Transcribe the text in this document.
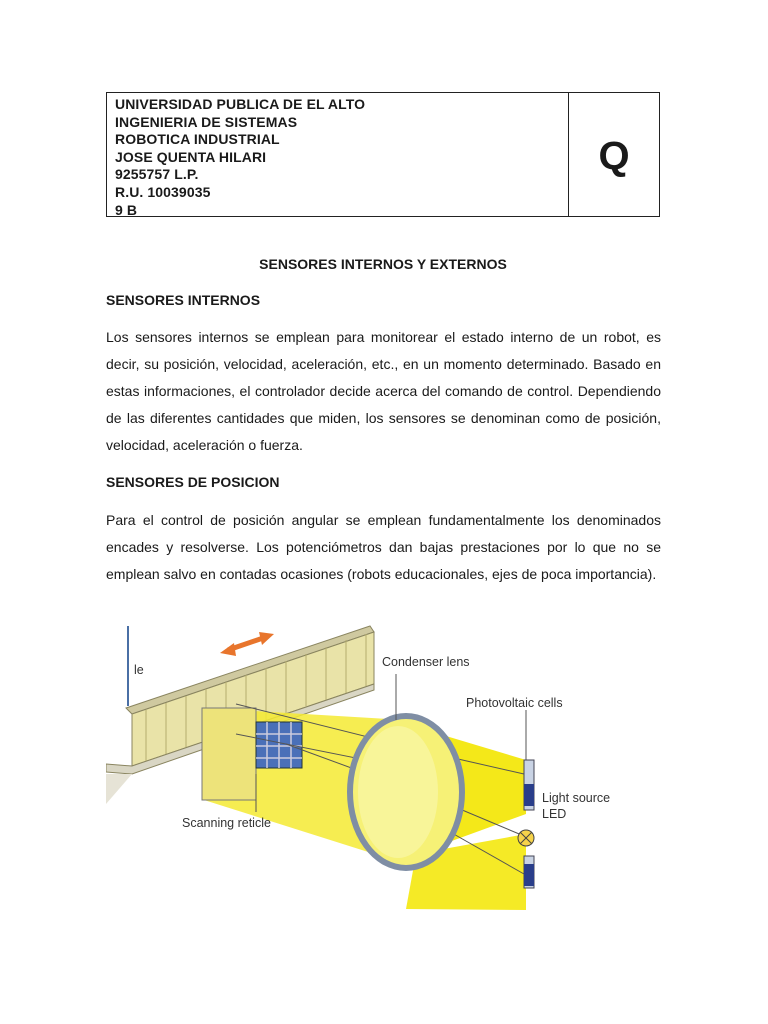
UNIVERSIDAD PUBLICA DE EL ALTO
INGENIERIA DE SISTEMAS
ROBOTICA INDUSTRIAL
JOSE QUENTA HILARI
9255757 L.P.
R.U. 10039035
9 B
Q
SENSORES INTERNOS Y EXTERNOS
SENSORES INTERNOS

Los sensores internos se emplean para monitorear el estado interno de un robot, es decir, su posición, velocidad, aceleración, etc., en un momento determinado. Basado en estas informaciones, el controlador decide acerca del comando de control. Dependiendo de las diferentes cantidades que miden, los sensores se denominan como de posición, velocidad, aceleración o fuerza.

SENSORES DE POSICION

Para el control de posición angular se emplean fundamentalmente los denominados encades y resolverse. Los potenciómetros dan bajas prestaciones por lo que no se emplean salvo en contadas ocasiones (robots educacionales, ejes de poca importancia).

le
Condenser lens
Photovoltaic cells
Light source
LED
Scanning reticle
